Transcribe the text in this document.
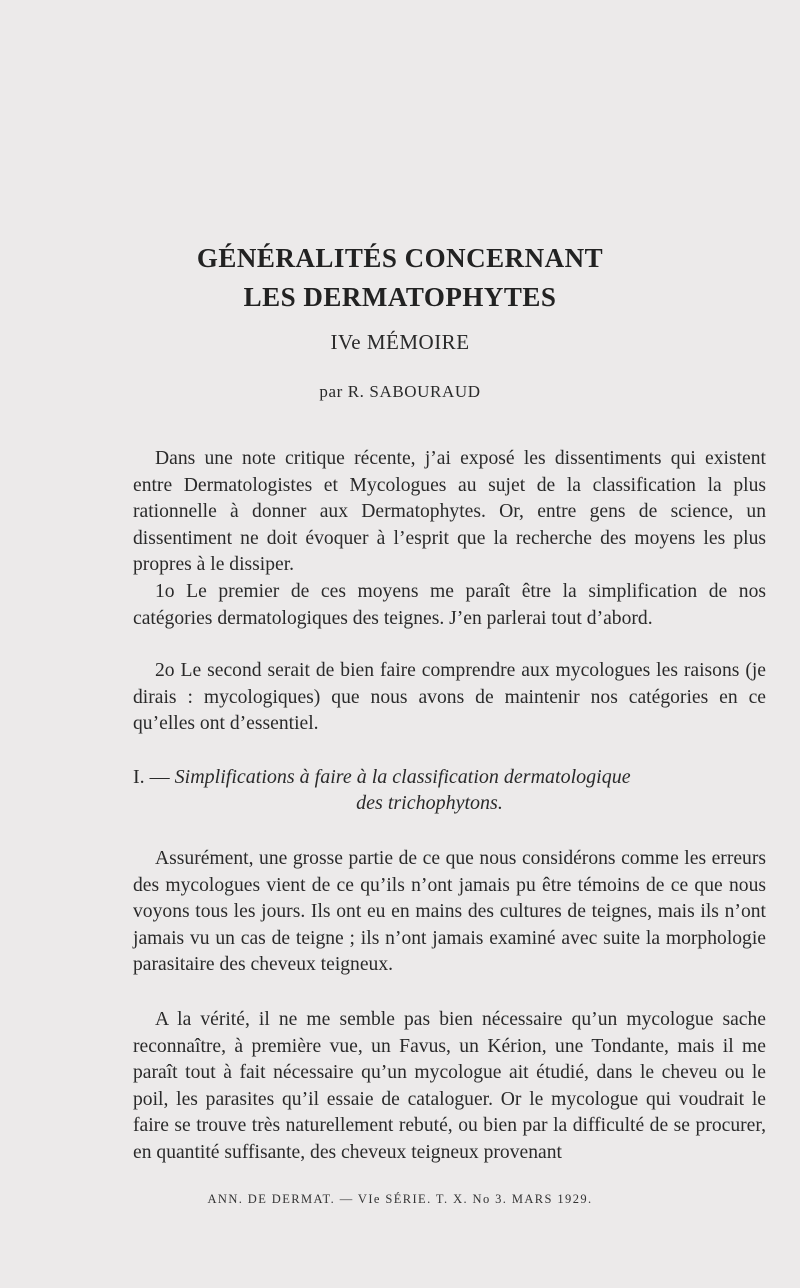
GÉNÉRALITÉS CONCERNANT
LES DERMATOPHYTES
IVe MÉMOIRE
par R. SABOURAUD

Dans une note critique récente, j’ai exposé les dissentiments qui existent entre Dermatologistes et Mycologues au sujet de la classification la plus rationnelle à donner aux Dermatophytes. Or, entre gens de science, un dissentiment ne doit évoquer à l’esprit que la recherche des moyens les plus propres à le dissiper.

1o Le premier de ces moyens me paraît être la simplification de nos catégories dermatologiques des teignes. J’en parlerai tout d’abord.

2o Le second serait de bien faire comprendre aux mycologues les raisons (je dirais : mycologiques) que nous avons de maintenir nos catégories en ce qu’elles ont d’essentiel.

I. — Simplifications à faire à la classification dermatologique
des trichophytons.

Assurément, une grosse partie de ce que nous considérons comme les erreurs des mycologues vient de ce qu’ils n’ont jamais pu être témoins de ce que nous voyons tous les jours. Ils ont eu en mains des cultures de teignes, mais ils n’ont jamais vu un cas de teigne ; ils n’ont jamais examiné avec suite la morphologie parasitaire des cheveux teigneux.

A la vérité, il ne me semble pas bien nécessaire qu’un mycologue sache reconnaître, à première vue, un Favus, un Kérion, une Tondante, mais il me paraît tout à fait nécessaire qu’un mycologue ait étudié, dans le cheveu ou le poil, les parasites qu’il essaie de cataloguer. Or le mycologue qui voudrait le faire se trouve très naturellement rebuté, ou bien par la difficulté de se procurer, en quantité suffisante, des cheveux teigneux provenant

ANN. DE DERMAT. — VIe SÉRIE. T. X. No 3. MARS 1929.
